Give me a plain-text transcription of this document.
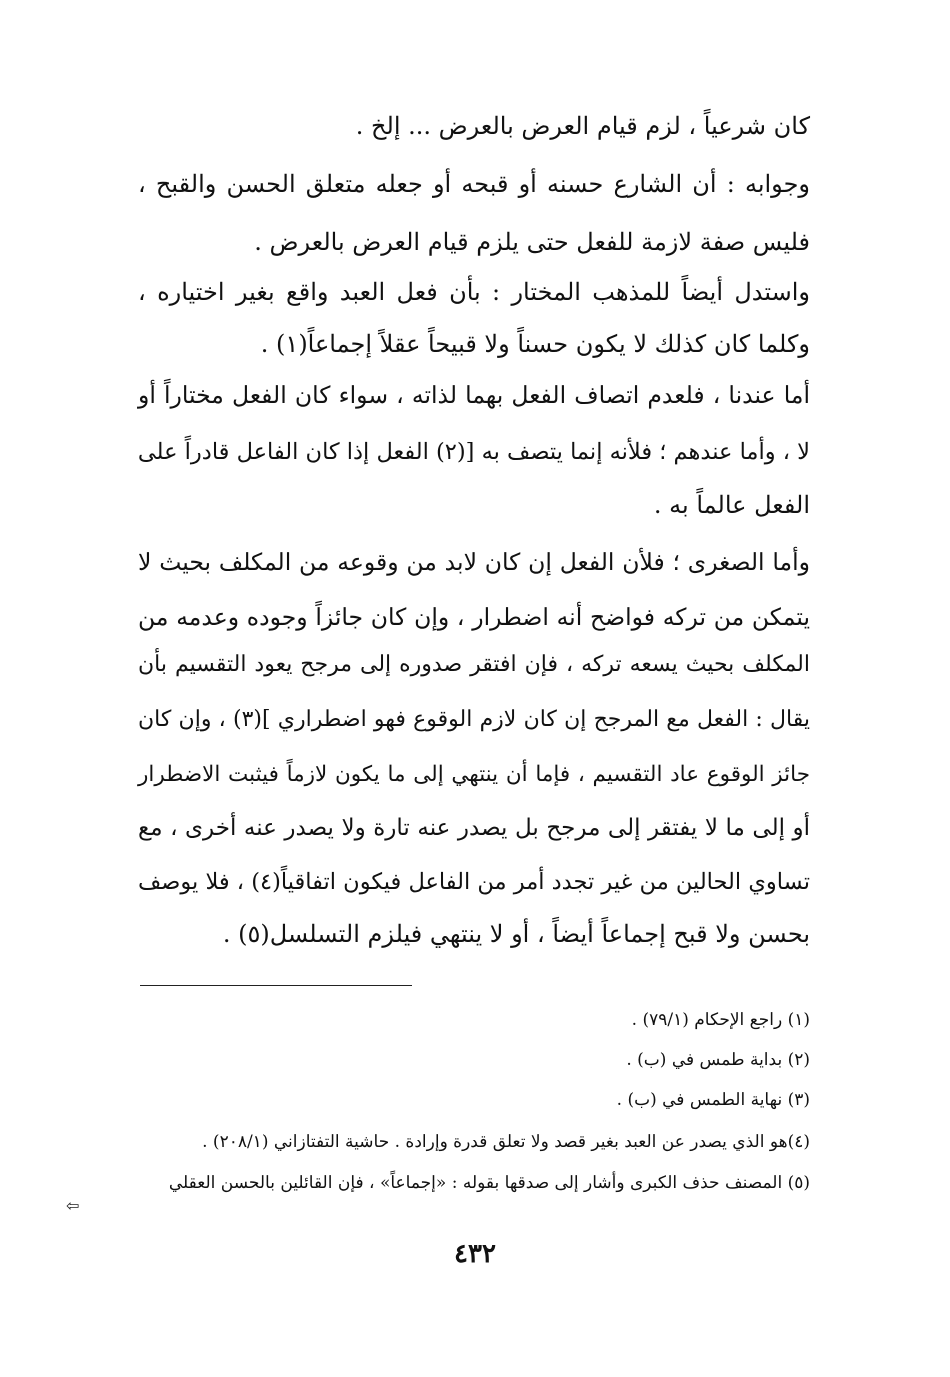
كان شرعياً ، لزم قيام العرض بالعرض ... إلخ .
وجوابه : أن الشارع حسنه أو قبحه أو جعله متعلق الحسن والقبح ،
فليس صفة لازمة للفعل حتى يلزم قيام العرض بالعرض .
واستدل أيضاً للمذهب المختار : بأن فعل العبد واقع بغير اختياره ،
وكلما كان كذلك لا يكون حسناً ولا قبيحاً عقلاً إجماعاً(١) .
أما عندنا ، فلعدم اتصاف الفعل بهما لذاته ، سواء كان الفعل مختاراً أو
لا ، وأما عندهم ؛ فلأنه إنما يتصف به [(٢) الفعل إذا كان الفاعل قادراً على
الفعل عالماً به .
وأما الصغرى ؛ فلأن الفعل إن كان لابد من وقوعه من المكلف بحيث لا
يتمكن من تركه فواضح أنه اضطرار ، وإن كان جائزاً وجوده وعدمه من
المكلف بحيث يسعه تركه ، فإن افتقر صدوره إلى مرجح يعود التقسيم بأن
يقال : الفعل مع المرجح إن كان لازم الوقوع فهو اضطراري ](٣) ، وإن كان
جائز الوقوع عاد التقسيم ، فإما أن ينتهي إلى ما يكون لازماً فيثبت الاضطرار
أو إلى ما لا يفتقر إلى مرجح بل يصدر عنه تارة ولا يصدر عنه أخرى ، مع
تساوي الحالين من غير تجدد أمر من الفاعل فيكون اتفاقياً(٤) ، فلا يوصف
بحسن ولا قبح إجماعاً أيضاً ، أو لا ينتهي فيلزم التسلسل(٥) .
(١) راجع الإحكام (٧٩/١) .
(٢) بداية طمس في (ب) .
(٣) نهاية الطمس في (ب) .
(٤)هو الذي يصدر عن العبد بغير قصد ولا تعلق قدرة وإرادة . حاشية التفتازاني (٢٠٨/١) .
(٥) المصنف حذف الكبرى وأشار إلى صدقها بقوله : «إجماعاً» ، فإن القائلين بالحسن العقلي
⇦
٤٣٢
